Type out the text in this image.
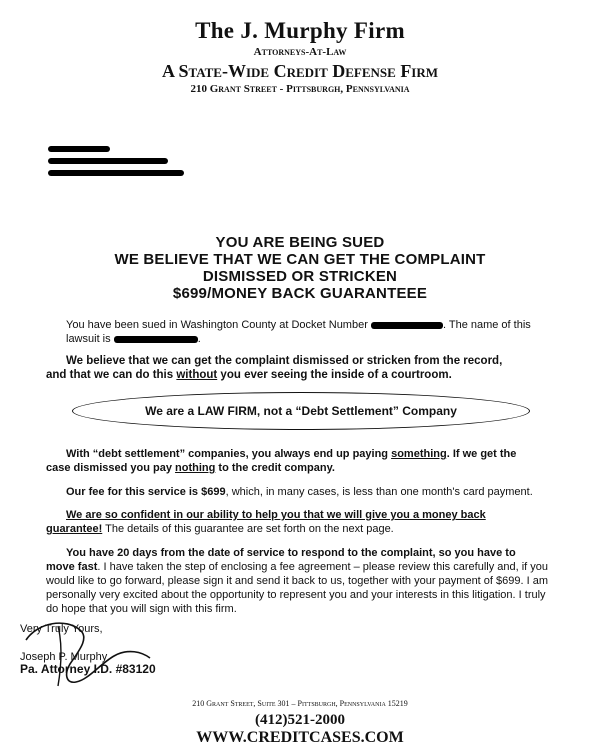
The J. Murphy Firm
Attorneys-At-Law
A State-Wide Credit Defense Firm
210 Grant Street - Pittsburgh, Pennsylvania
YOU ARE BEING SUED
WE BELIEVE THAT WE CAN GET THE COMPLAINT
DISMISSED OR STRICKEN
$699/MONEY BACK GUARANTEEE
You have been sued in Washington County at Docket Number	. The name of this
lawsuit is	.
We believe that we can get the complaint dismissed or stricken from the record,
and that we can do this without you ever seeing the inside of a courtroom.
We are a LAW FIRM, not a “Debt Settlement” Company
With “debt settlement” companies, you always end up paying something. If we get the
case dismissed you pay nothing to the credit company.
Our fee for this service is $699, which, in many cases, is less than one month's card payment.
We are so confident in our ability to help you that we will give you a money back
guarantee! The details of this guarantee are set forth on the next page.
You have 20 days from the date of service to respond to the complaint, so you have to
move fast. I have taken the step of enclosing a fee agreement – please review this carefully and, if you
would like to go forward, please sign it and send it back to us, together with your payment of $699. I am
personally very excited about the opportunity to represent you and your interests in this litigation. I truly
do hope that you will sign with this firm.
Very Truly Yours,
Joseph P. Murphy
Pa. Attorney I.D. #83120
210 Grant Street, Suite 301 – Pittsburgh, Pennsylvania 15219
(412)521-2000
WWW.CREDITCASES.COM
